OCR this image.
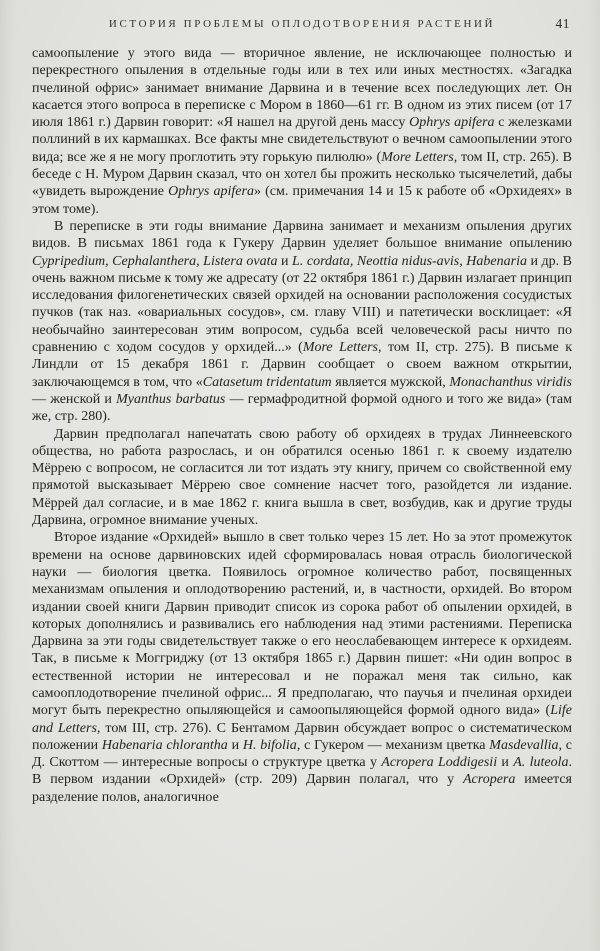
ИСТОРИЯ ПРОБЛЕМЫ ОПЛОДОТВОРЕНИЯ РАСТЕНИЙ	41

самоопыление у этого вида — вторичное явление, не исключающее полностью и перекрестного опыления в отдельные годы или в тех или иных местностях. «Загадка пчелиной офрис» занимает внимание Дарвина и в течение всех последующих лет. Он касается этого вопроса в переписке с Мором в 1860—61 гг. В одном из этих писем (от 17 июля 1861 г.) Дарвин говорит: «Я нашел на другой день массу Ophrys apifera с железками поллиний в их кармашках. Все факты мне свидетельствуют о вечном самоопылении этого вида; все же я не могу проглотить эту горькую пилюлю» (More Letters, том II, стр. 265). В беседе с Н. Муром Дарвин сказал, что он хотел бы прожить несколько тысячелетий, дабы «увидеть вырождение Ophrys apifera» (см. примечания 14 и 15 к работе об «Орхидеях» в этом томе).

В переписке в эти годы внимание Дарвина занимает и механизм опыления других видов. В письмах 1861 года к Гукеру Дарвин уделяет большое внимание опылению Cypripedium, Cephalanthera, Listera ovata и L. cordata, Neottia nidus-avis, Habenaria и др. В очень важном письме к тому же адресату (от 22 октября 1861 г.) Дарвин излагает принцип исследования филогенетических связей орхидей на основании расположения сосудистых пучков (так наз. «овариальных сосудов», см. главу VIII) и патетически восклицает: «Я необычайно заинтересован этим вопросом, судьба всей человеческой расы ничто по сравнению с ходом сосудов у орхидей...» (More Letters, том II, стр. 275). В письме к Линдли от 15 декабря 1861 г. Дарвин сообщает о своем важном открытии, заключающемся в том, что «Catasetum tridentatum является мужской, Monachanthus viridis — женской и Myanthus barbatus — гермафродитной формой одного и того же вида» (там же, стр. 280).

Дарвин предполагал напечатать свою работу об орхидеях в трудах Линнеевского общества, но работа разрослась, и он обратился осенью 1861 г. к своему издателю Мёррею с вопросом, не согласится ли тот издать эту книгу, причем со свойственной ему прямотой высказывает Мёррею свое сомнение насчет того, разойдется ли издание. Мёррей дал согласие, и в мае 1862 г. книга вышла в свет, возбудив, как и другие труды Дарвина, огромное внимание ученых.

Второе издание «Орхидей» вышло в свет только через 15 лет. Но за этот промежуток времени на основе дарвиновских идей сформировалась новая отрасль биологической науки — биология цветка. Появилось огромное количество работ, посвященных механизмам опыления и оплодотворению растений, и, в частности, орхидей. Во втором издании своей книги Дарвин приводит список из сорока работ об опылении орхидей, в которых дополнялись и развивались его наблюдения над этими растениями. Переписка Дарвина за эти годы свидетельствует также о его неослабевающем интересе к орхидеям. Так, в письме к Моггриджу (от 13 октября 1865 г.) Дарвин пишет: «Ни один вопрос в естественной истории не интересовал и не поражал меня так сильно, как самооплодотворение пчелиной офрис... Я предполагаю, что паучья и пчелиная орхидеи могут быть перекрестно опыляющейся и самоопыляющейся формой одного вида» (Life and Letters, том III, стр. 276). С Бентамом Дарвин обсуждает вопрос о систематическом положении Habenaria chlorantha и H. bifolia, с Гукером — механизм цветка Masdevallia, с Д. Скоттом — интересные вопросы о структуре цветка у Acropera Loddigesii и A. luteola. В первом издании «Орхидей» (стр. 209) Дарвин полагал, что у Acropera имеется разделение полов, аналогичное
